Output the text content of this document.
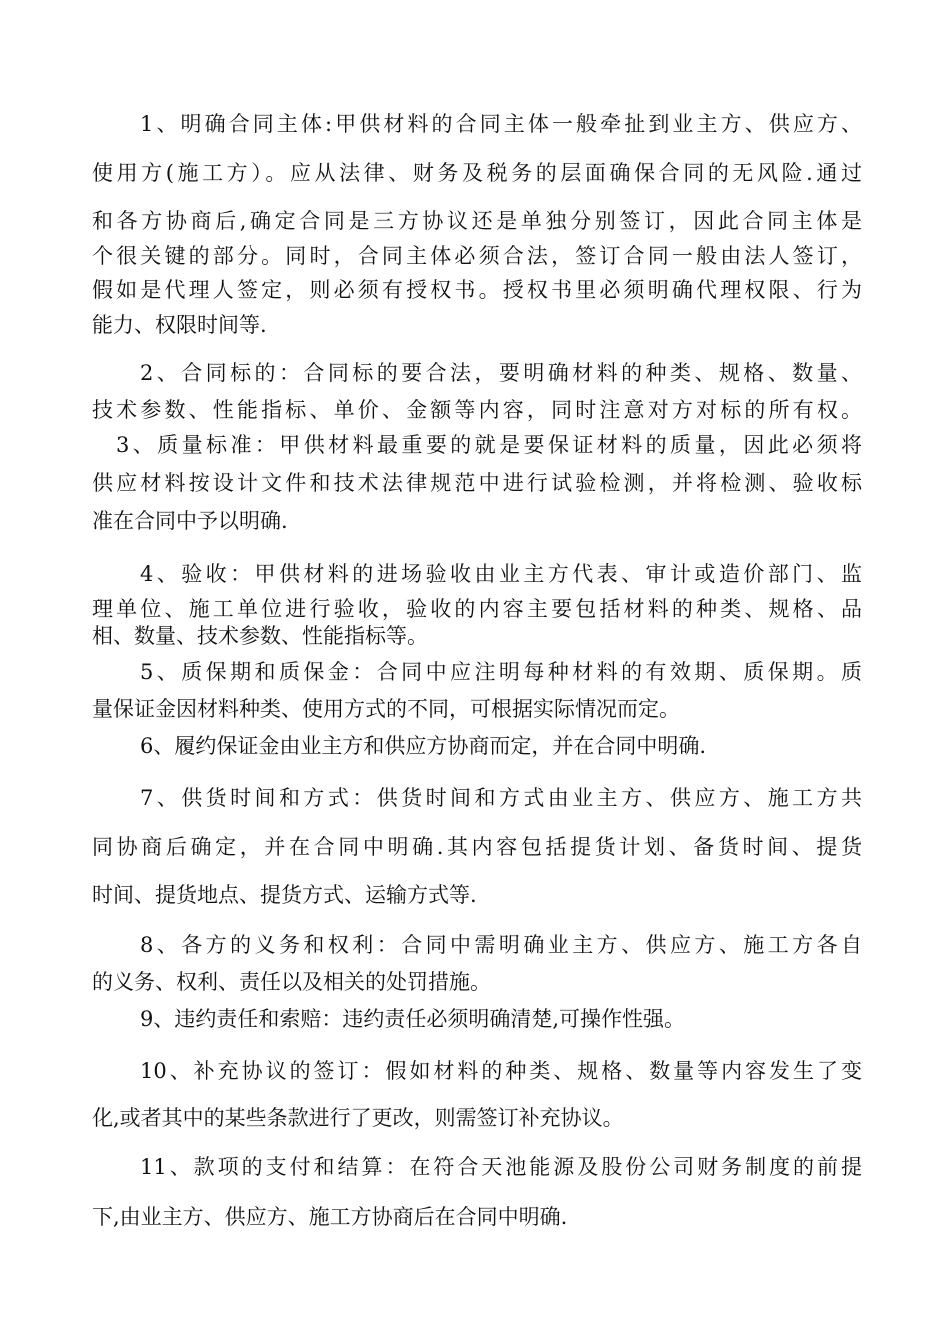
1、明确合同主体:甲供材料的合同主体一般牵扯到业主方、供应方、
使用方(施工方）。应从法律、财务及税务的层面确保合同的无风险.通过
和各方协商后,确定合同是三方协议还是单独分别签订，因此合同主体是
个很关键的部分。同时，合同主体必须合法，签订合同一般由法人签订，
假如是代理人签定，则必须有授权书。授权书里必须明确代理权限、行为
能力、权限时间等.
2、合同标的：合同标的要合法，要明确材料的种类、规格、数量、
技术参数、性能指标、单价、金额等内容，同时注意对方对标的所有权。
3、质量标准：甲供材料最重要的就是要保证材料的质量，因此必须将
供应材料按设计文件和技术法律规范中进行试验检测，并将检测、验收标
准在合同中予以明确.
4、验收：甲供材料的进场验收由业主方代表、审计或造价部门、监
理单位、施工单位进行验收，验收的内容主要包括材料的种类、规格、品
相、数量、技术参数、性能指标等。
5、质保期和质保金：合同中应注明每种材料的有效期、质保期。质
量保证金因材料种类、使用方式的不同，可根据实际情况而定。
6、履约保证金由业主方和供应方协商而定，并在合同中明确.
7、供货时间和方式：供货时间和方式由业主方、供应方、施工方共
同协商后确定，并在合同中明确.其内容包括提货计划、备货时间、提货
时间、提货地点、提货方式、运输方式等.
8、各方的义务和权利：合同中需明确业主方、供应方、施工方各自
的义务、权利、责任以及相关的处罚措施。
9、违约责任和索赔：违约责任必须明确清楚,可操作性强。
10、补充协议的签订：假如材料的种类、规格、数量等内容发生了变
化,或者其中的某些条款进行了更改，则需签订补充协议。
11、款项的支付和结算：在符合天池能源及股份公司财务制度的前提
下,由业主方、供应方、施工方协商后在合同中明确.
